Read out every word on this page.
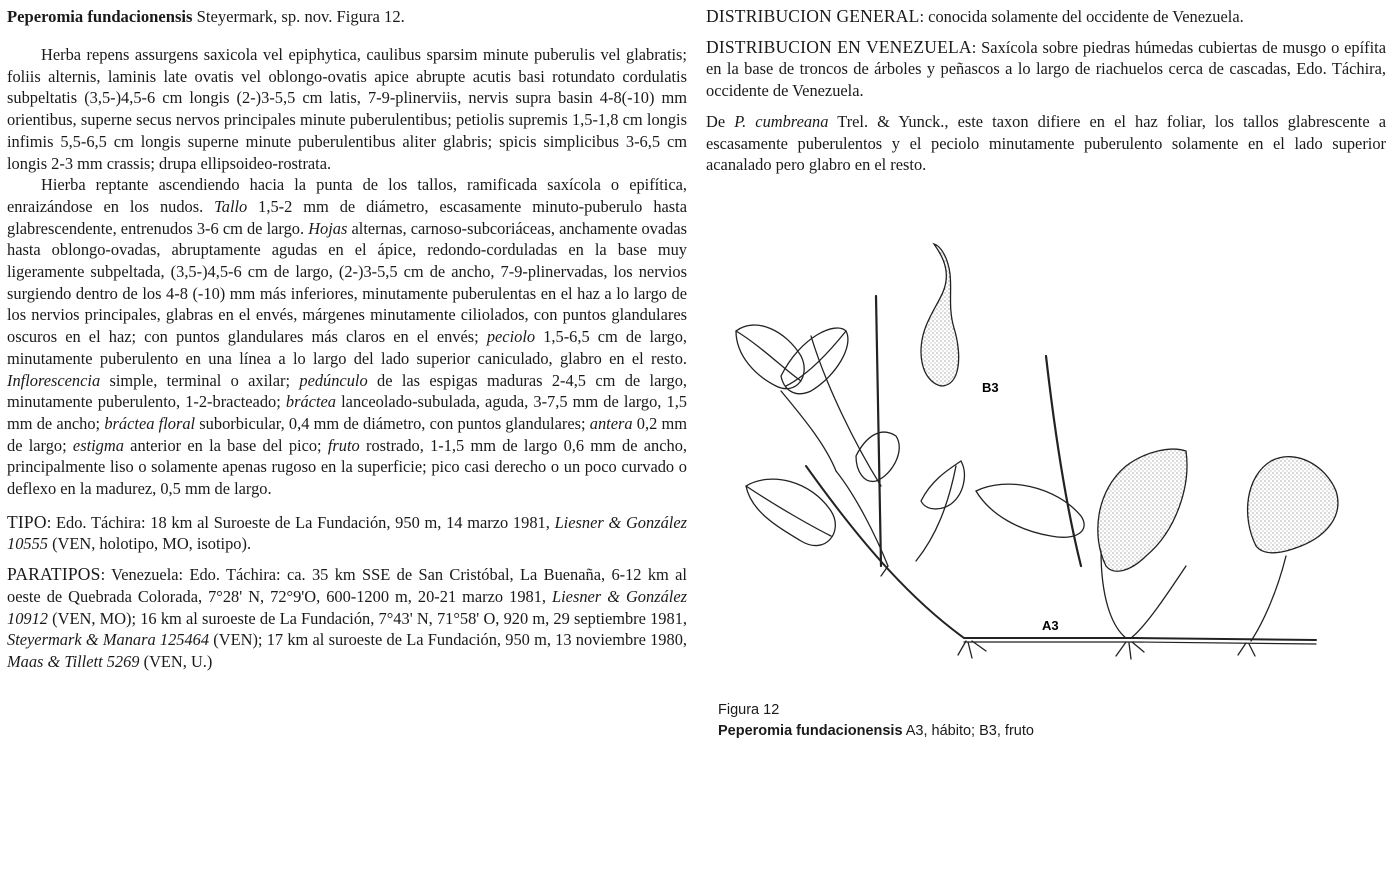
Peperomia fundacionensis Steyermark, sp. nov. Figura 12.

Herba repens assurgens saxicola vel epiphytica, caulibus sparsim minute puberulis vel glabratis; foliis alternis, laminis late ovatis vel oblongo-ovatis apice abrupte acutis basi rotundato cordulatis subpeltatis (3,5-)4,5-6 cm longis (2-)3-5,5 cm latis, 7-9-plinerviis, nervis supra basin 4-8(-10) mm orientibus, superne secus nervos principales minute puberulentibus; petiolis supremis 1,5-1,8 cm longis infimis 5,5-6,5 cm longis superne minute puberulentibus aliter glabris; spicis simplicibus 3-6,5 cm longis 2-3 mm crassis; drupa ellipsoideo-rostrata.

Hierba reptante ascendiendo hacia la punta de los tallos, ramificada saxícola o epifítica, enraizándose en los nudos. Tallo 1,5-2 mm de diámetro, escasamente minuto-puberulo hasta glabrescendente, entrenudos 3-6 cm de largo. Hojas alternas, carnoso-subcoriáceas, anchamente ovadas hasta oblongo-ovadas, abruptamente agudas en el ápice, redondo-corduladas en la base muy ligeramente subpeltada, (3,5-)4,5-6 cm de largo, (2-)3-5,5 cm de ancho, 7-9-plinervadas, los nervios surgiendo dentro de los 4-8 (-10) mm más inferiores, minutamente puberulentas en el haz a lo largo de los nervios principales, glabras en el envés, márgenes minutamente ciliolados, con puntos glandulares oscuros en el haz; con puntos glandulares más claros en el envés; peciolo 1,5-6,5 cm de largo, minutamente puberulento en una línea a lo largo del lado superior caniculado, glabro en el resto. Inflorescencia simple, terminal o axilar; pedúnculo de las espigas maduras 2-4,5 cm de largo, minutamente puberulento, 1-2-bracteado; bráctea lanceolado-subulada, aguda, 3-7,5 mm de largo, 1,5 mm de ancho; bráctea floral suborbicular, 0,4 mm de diámetro, con puntos glandulares; antera 0,2 mm de largo; estigma anterior en la base del pico; fruto rostrado, 1-1,5 mm de largo 0,6 mm de ancho, principalmente liso o solamente apenas rugoso en la superficie; pico casi derecho o un poco curvado o deflexo en la madurez, 0,5 mm de largo.

TIPO: Edo. Táchira: 18 km al Suroeste de La Fundación, 950 m, 14 marzo 1981, Liesner & González 10555 (VEN, holotipo, MO, isotipo).

PARATIPOS: Venezuela: Edo. Táchira: ca. 35 km SSE de San Cristóbal, La Buenaña, 6-12 km al oeste de Quebrada Colorada, 7°28' N, 72°9'O, 600-1200 m, 20-21 marzo 1981, Liesner & González 10912 (VEN, MO); 16 km al suroeste de La Fundación, 7°43' N, 71°58' O, 920 m, 29 septiembre 1981, Steyermark & Manara 125464 (VEN); 17 km al suroeste de La Fundación, 950 m, 13 noviembre 1980, Maas & Tillett 5269 (VEN, U.)

DISTRIBUCION GENERAL: conocida solamente del occidente de Venezuela.

DISTRIBUCION EN VENEZUELA: Saxícola sobre piedras húmedas cubiertas de musgo o epífita en la base de troncos de árboles y peñascos a lo largo de riachuelos cerca de cascadas, Edo. Táchira, occidente de Venezuela.

De P. cumbreana Trel. & Yunck., este taxon difiere en el haz foliar, los tallos glabrescente a escasamente puberulentos y el peciolo minutamente puberulento solamente en el lado superior acanalado pero glabro en el resto.

B3
A3
Figura 12
Peperomia fundacionensis A3, hábito; B3, fruto
